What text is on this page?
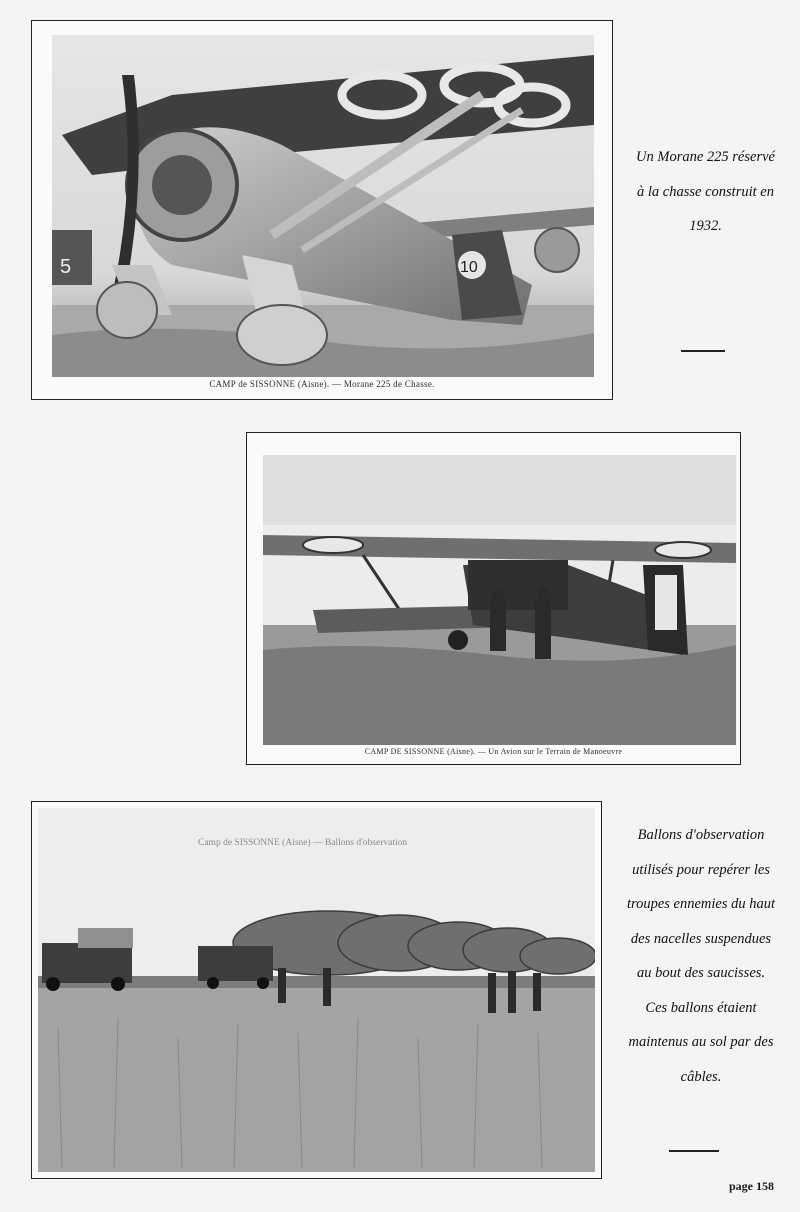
5	10
CAMP de SISSONNE (Aisne). — Morane 225 de Chasse.

Un Morane 225 réservé

à la chasse construit en

1932.

CAMP DE SISSONNE (Aisne). — Un Avion sur le Terrain de Manoeuvre
Camp de SISSONNE (Aisne) — Ballons d'observation	Ballons d'observation

utilisés pour repérer les

troupes ennemies du haut

des nacelles suspendues

au bout des saucisses.

Ces ballons étaient

maintenus au sol par des

câbles.

page 158
